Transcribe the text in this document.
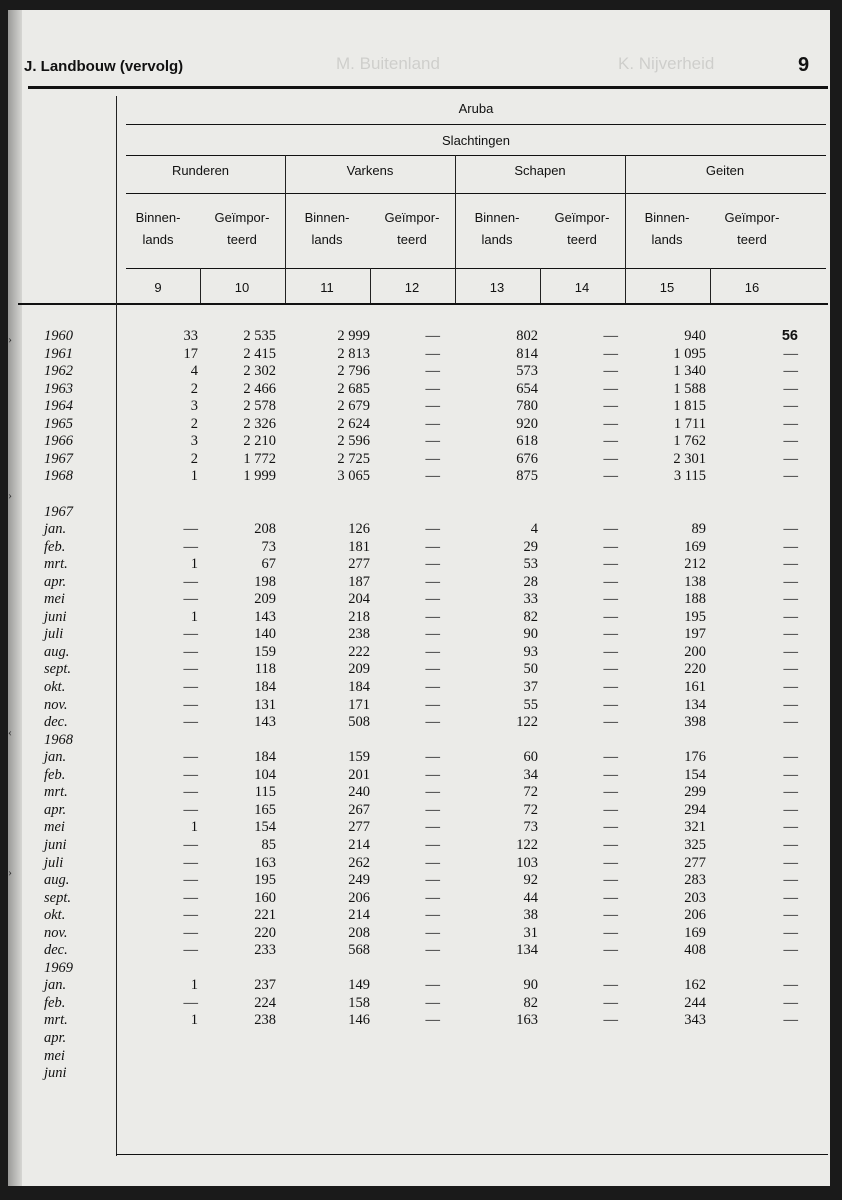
M. Buitenland	K. Nijverheid
J. Landbouw (vervolg)	9
Aruba
Slachtingen
Runderen	Varkens	Schapen	Geiten
Binnen-
lands
Geïmpor-
teerd
Binnen-
lands
Geïmpor-
teerd
Binnen-
lands
Geïmpor-
teerd
Binnen-
lands
Geïmpor-
teerd
9	10	11	12	13	14	15	16
1960	33	2 535	2 999	—	802	—	940	56
1961	17	2 415	2 813	—	814	—	1 095	—
1962	4	2 302	2 796	—	573	—	1 340	—
1963	2	2 466	2 685	—	654	—	1 588	—
1964	3	2 578	2 679	—	780	—	1 815	—
1965	2	2 326	2 624	—	920	—	1 711	—
1966	3	2 210	2 596	—	618	—	1 762	—
1967	2	1 772	2 725	—	676	—	2 301	—
1968	1	1 999	3 065	—	875	—	3 115	—
1967
jan.	—	208	126	—	4	—	89	—
feb.	—	73	181	—	29	—	169	—
mrt.	1	67	277	—	53	—	212	—
apr.	—	198	187	—	28	—	138	—
mei	—	209	204	—	33	—	188	—
juni	1	143	218	—	82	—	195	—
juli	—	140	238	—	90	—	197	—
aug.	—	159	222	—	93	—	200	—
sept.	—	118	209	—	50	—	220	—
okt.	—	184	184	—	37	—	161	—
nov.	—	131	171	—	55	—	134	—
dec.	—	143	508	—	122	—	398	—
1968
jan.	—	184	159	—	60	—	176	—
feb.	—	104	201	—	34	—	154	—
mrt.	—	115	240	—	72	—	299	—
apr.	—	165	267	—	72	—	294	—
mei	1	154	277	—	73	—	321	—
juni	—	85	214	—	122	—	325	—
juli	—	163	262	—	103	—	277	—
aug.	—	195	249	—	92	—	283	—
sept.	—	160	206	—	44	—	203	—
okt.	—	221	214	—	38	—	206	—
nov.	—	220	208	—	31	—	169	—
dec.	—	233	568	—	134	—	408	—
1969
jan.	1	237	149	—	90	—	162	—
feb.	—	224	158	—	82	—	244	—
mrt.	1	238	146	—	163	—	343	—
apr.
mei
juni
›
›
‹
›
